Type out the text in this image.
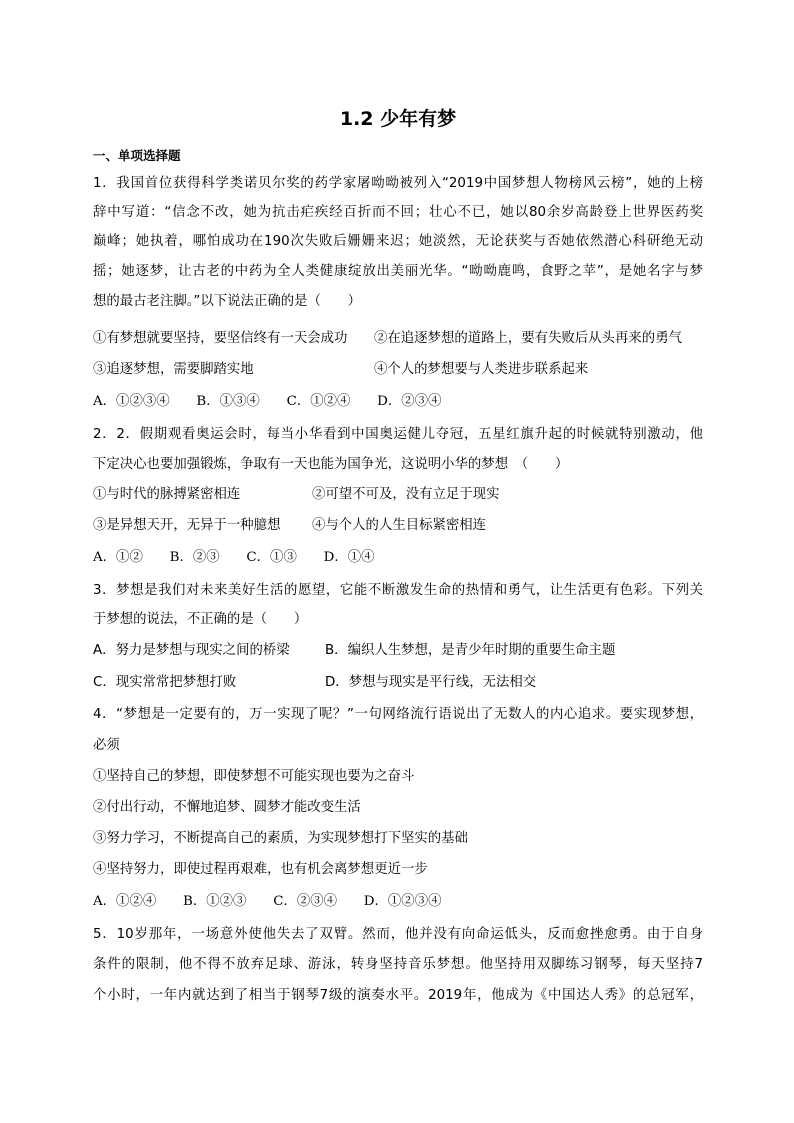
1.2 少年有梦
一、单项选择题
1．我国首位获得科学类诺贝尔奖的药学家屠呦呦被列入“2019中国梦想人物榜风云榜”，她的上榜
辞中写道：“信念不改，她为抗击疟疾经百折而不回；壮心不已，她以80余岁高龄登上世界医药奖
巅峰；她执着，哪怕成功在190次失败后姗姗来迟；她淡然，无论获奖与否她依然潜心科研绝无动
摇；她逐梦，让古老的中药为全人类健康绽放出美丽光华。“呦呦鹿鸣，食野之苹”，是她名字与梦
想的最古老注脚。”以下说法正确的是（　　）
①有梦想就要坚持，要坚信终有一天会成功	②在追逐梦想的道路上，要有失败后从头再来的勇气
③追逐梦想，需要脚踏实地	④个人的梦想要与人类进步联系起来
A．①②③④　　B．①③④　　C．①②④　　D．②③④
2．2．假期观看奥运会时，每当小华看到中国奥运健儿夺冠，五星红旗升起的时候就特别激动，他
下定决心也要加强锻炼，争取有一天也能为国争光，这说明小华的梦想　（　　）
①与时代的脉搏紧密相连	②可望不可及，没有立足于现实
③是异想天开，无异于一种臆想	④与个人的人生目标紧密相连
A．①②　　B．②③　　C．①③　　D．①④
3．梦想是我们对未来美好生活的愿望，它能不断激发生命的热情和勇气，让生活更有色彩。下列关
于梦想的说法，不正确的是（　　）
A．努力是梦想与现实之间的桥梁	B．编织人生梦想，是青少年时期的重要生命主题
C．现实常常把梦想打败	D．梦想与现实是平行线，无法相交
4．“梦想是一定要有的，万一实现了呢？”一句网络流行语说出了无数人的内心追求。要实现梦想，
必须
①坚持自己的梦想，即使梦想不可能实现也要为之奋斗
②付出行动，不懈地追梦、圆梦才能改变生活
③努力学习，不断提高自己的素质，为实现梦想打下坚实的基础
④坚持努力，即使过程再艰难，也有机会离梦想更近一步
A．①②④　　B．①②③　　C．②③④　　D．①②③④
5．10岁那年，一场意外使他失去了双臂。然而，他并没有向命运低头，反而愈挫愈勇。由于自身
条件的限制，他不得不放弃足球、游泳，转身坚持音乐梦想。他坚持用双脚练习钢琴，每天坚持7
个小时，一年内就达到了相当于钢琴7级的演奏水平。2019年，他成为《中国达人秀》的总冠军，
